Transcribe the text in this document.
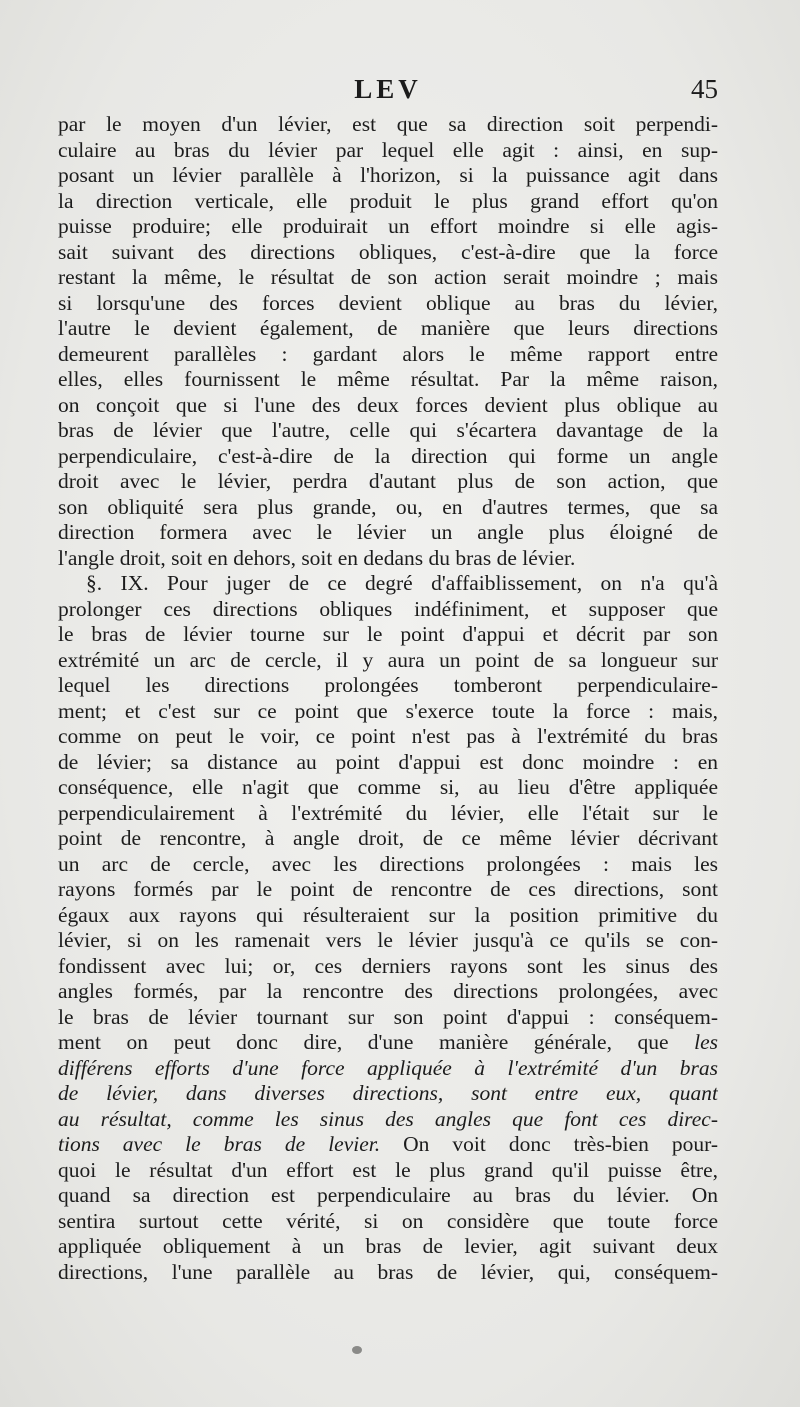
LEV	45
par le moyen d'un lévier, est que sa direction soit perpendi-
culaire au bras du lévier par lequel elle agit : ainsi, en sup-
posant un lévier parallèle à l'horizon, si la puissance agit dans
la direction verticale, elle produit le plus grand effort qu'on
puisse produire; elle produirait un effort moindre si elle agis-
sait suivant des directions obliques, c'est-à-dire que la force
restant la même, le résultat de son action serait moindre ; mais
si lorsqu'une des forces devient oblique au bras du lévier,
l'autre le devient également, de manière que leurs directions
demeurent parallèles : gardant alors le même rapport entre
elles, elles fournissent le même résultat. Par la même raison,
on conçoit que si l'une des deux forces devient plus oblique au
bras de lévier que l'autre, celle qui s'écartera davantage de la
perpendiculaire, c'est-à-dire de la direction qui forme un angle
droit avec le lévier, perdra d'autant plus de son action, que
son obliquité sera plus grande, ou, en d'autres termes, que sa
direction formera avec le lévier un angle plus éloigné de
l'angle droit, soit en dehors, soit en dedans du bras de lévier.
§. IX. Pour juger de ce degré d'affaiblissement, on n'a qu'à
prolonger ces directions obliques indéfiniment, et supposer que
le bras de lévier tourne sur le point d'appui et décrit par son
extrémité un arc de cercle, il y aura un point de sa longueur sur
lequel les directions prolongées tomberont perpendiculaire-
ment; et c'est sur ce point que s'exerce toute la force : mais,
comme on peut le voir, ce point n'est pas à l'extrémité du bras
de lévier; sa distance au point d'appui est donc moindre : en
conséquence, elle n'agit que comme si, au lieu d'être appliquée
perpendiculairement à l'extrémité du lévier, elle l'était sur le
point de rencontre, à angle droit, de ce même lévier décrivant
un arc de cercle, avec les directions prolongées : mais les
rayons formés par le point de rencontre de ces directions, sont
égaux aux rayons qui résulteraient sur la position primitive du
lévier, si on les ramenait vers le lévier jusqu'à ce qu'ils se con-
fondissent avec lui; or, ces derniers rayons sont les sinus des
angles formés, par la rencontre des directions prolongées, avec
le bras de lévier tournant sur son point d'appui : conséquem-
ment on peut donc dire, d'une manière générale, que les
différens efforts d'une force appliquée à l'extrémité d'un bras
de lévier, dans diverses directions, sont entre eux, quant
au résultat, comme les sinus des angles que font ces direc-
tions avec le bras de levier. On voit donc très-bien pour-
quoi le résultat d'un effort est le plus grand qu'il puisse être,
quand sa direction est perpendiculaire au bras du lévier. On
sentira surtout cette vérité, si on considère que toute force
appliquée obliquement à un bras de levier, agit suivant deux
directions, l'une parallèle au bras de lévier, qui, conséquem-
